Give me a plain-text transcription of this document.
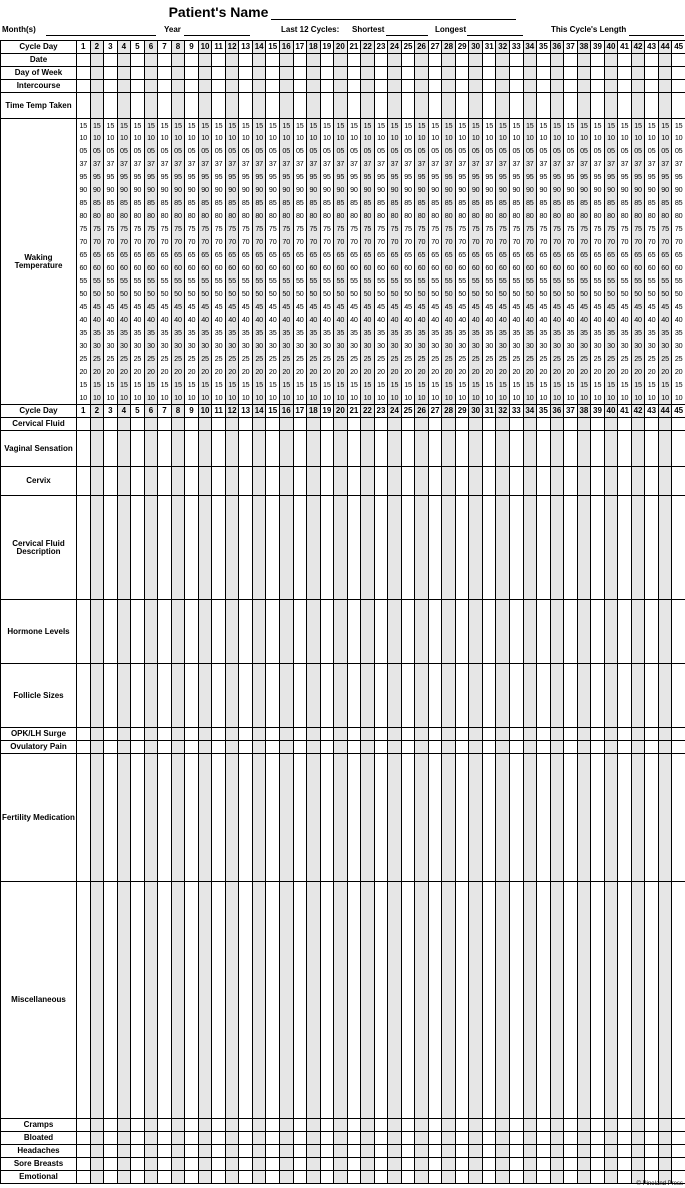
Patient's Name
Month(s)	Year	Last 12 Cycles: Shortest	Longest	This Cycle's Length
Cycle Day	1	2	3	4	5	6	7	8	9	10	11	12	13	14	15	16	17	18	19	20	21	22	23	24	25	26	27	28	29	30	31	32	33	34	35	36	37	38	39	40	41	42	43	44	45
Date																																													
Day of Week																																													
Intercourse																																													
Time Temp Taken																																													
Waking Temperature	15	15	15	15	15	15	15	15	15	15	15	15	15	15	15	15	15	15	15	15	15	15	15	15	15	15	15	15	15	15	15	15	15	15	15	15	15	15	15	15	15	15	15	15	15
	10	10	10	10	10	10	10	10	10	10	10	10	10	10	10	10	10	10	10	10	10	10	10	10	10	10	10	10	10	10	10	10	10	10	10	10	10	10	10	10	10	10	10	10	10
	05	05	05	05	05	05	05	05	05	05	05	05	05	05	05	05	05	05	05	05	05	05	05	05	05	05	05	05	05	05	05	05	05	05	05	05	05	05	05	05	05	05	05	05	05
	37	37	37	37	37	37	37	37	37	37	37	37	37	37	37	37	37	37	37	37	37	37	37	37	37	37	37	37	37	37	37	37	37	37	37	37	37	37	37	37	37	37	37	37	37
	95	95	95	95	95	95	95	95	95	95	95	95	95	95	95	95	95	95	95	95	95	95	95	95	95	95	95	95	95	95	95	95	95	95	95	95	95	95	95	95	95	95	95	95	95
	90	90	90	90	90	90	90	90	90	90	90	90	90	90	90	90	90	90	90	90	90	90	90	90	90	90	90	90	90	90	90	90	90	90	90	90	90	90	90	90	90	90	90	90	90
	85	85	85	85	85	85	85	85	85	85	85	85	85	85	85	85	85	85	85	85	85	85	85	85	85	85	85	85	85	85	85	85	85	85	85	85	85	85	85	85	85	85	85	85	85
	80	80	80	80	80	80	80	80	80	80	80	80	80	80	80	80	80	80	80	80	80	80	80	80	80	80	80	80	80	80	80	80	80	80	80	80	80	80	80	80	80	80	80	80	80
	75	75	75	75	75	75	75	75	75	75	75	75	75	75	75	75	75	75	75	75	75	75	75	75	75	75	75	75	75	75	75	75	75	75	75	75	75	75	75	75	75	75	75	75	75
	70	70	70	70	70	70	70	70	70	70	70	70	70	70	70	70	70	70	70	70	70	70	70	70	70	70	70	70	70	70	70	70	70	70	70	70	70	70	70	70	70	70	70	70	70
	65	65	65	65	65	65	65	65	65	65	65	65	65	65	65	65	65	65	65	65	65	65	65	65	65	65	65	65	65	65	65	65	65	65	65	65	65	65	65	65	65	65	65	65	65
	60	60	60	60	60	60	60	60	60	60	60	60	60	60	60	60	60	60	60	60	60	60	60	60	60	60	60	60	60	60	60	60	60	60	60	60	60	60	60	60	60	60	60	60	60
	55	55	55	55	55	55	55	55	55	55	55	55	55	55	55	55	55	55	55	55	55	55	55	55	55	55	55	55	55	55	55	55	55	55	55	55	55	55	55	55	55	55	55	55	55
	50	50	50	50	50	50	50	50	50	50	50	50	50	50	50	50	50	50	50	50	50	50	50	50	50	50	50	50	50	50	50	50	50	50	50	50	50	50	50	50	50	50	50	50	50
	45	45	45	45	45	45	45	45	45	45	45	45	45	45	45	45	45	45	45	45	45	45	45	45	45	45	45	45	45	45	45	45	45	45	45	45	45	45	45	45	45	45	45	45	45
	40	40	40	40	40	40	40	40	40	40	40	40	40	40	40	40	40	40	40	40	40	40	40	40	40	40	40	40	40	40	40	40	40	40	40	40	40	40	40	40	40	40	40	40	40
	35	35	35	35	35	35	35	35	35	35	35	35	35	35	35	35	35	35	35	35	35	35	35	35	35	35	35	35	35	35	35	35	35	35	35	35	35	35	35	35	35	35	35	35	35
	30	30	30	30	30	30	30	30	30	30	30	30	30	30	30	30	30	30	30	30	30	30	30	30	30	30	30	30	30	30	30	30	30	30	30	30	30	30	30	30	30	30	30	30	30
	25	25	25	25	25	25	25	25	25	25	25	25	25	25	25	25	25	25	25	25	25	25	25	25	25	25	25	25	25	25	25	25	25	25	25	25	25	25	25	25	25	25	25	25	25
	20	20	20	20	20	20	20	20	20	20	20	20	20	20	20	20	20	20	20	20	20	20	20	20	20	20	20	20	20	20	20	20	20	20	20	20	20	20	20	20	20	20	20	20	20
	15	15	15	15	15	15	15	15	15	15	15	15	15	15	15	15	15	15	15	15	15	15	15	15	15	15	15	15	15	15	15	15	15	15	15	15	15	15	15	15	15	15	15	15	15
	10	10	10	10	10	10	10	10	10	10	10	10	10	10	10	10	10	10	10	10	10	10	10	10	10	10	10	10	10	10	10	10	10	10	10	10	10	10	10	10	10	10	10	10	10
Cycle Day	1	2	3	4	5	6	7	8	9	10	11	12	13	14	15	16	17	18	19	20	21	22	23	24	25	26	27	28	29	30	31	32	33	34	35	36	37	38	39	40	41	42	43	44	45
Cervical Fluid																																													
Vaginal Sensation																																													
Cervix																																													
Cervical Fluid Description																																													
Hormone Levels																																													
Follicle Sizes																																													
OPK/LH Surge																																													
Ovulatory Pain																																													
Fertility Medication																																													
Miscellaneous																																													
Cramps																																													
Bloated																																													
Headaches																																													
Sore Breasts																																													
Emotional																																													
© Pineland Press
